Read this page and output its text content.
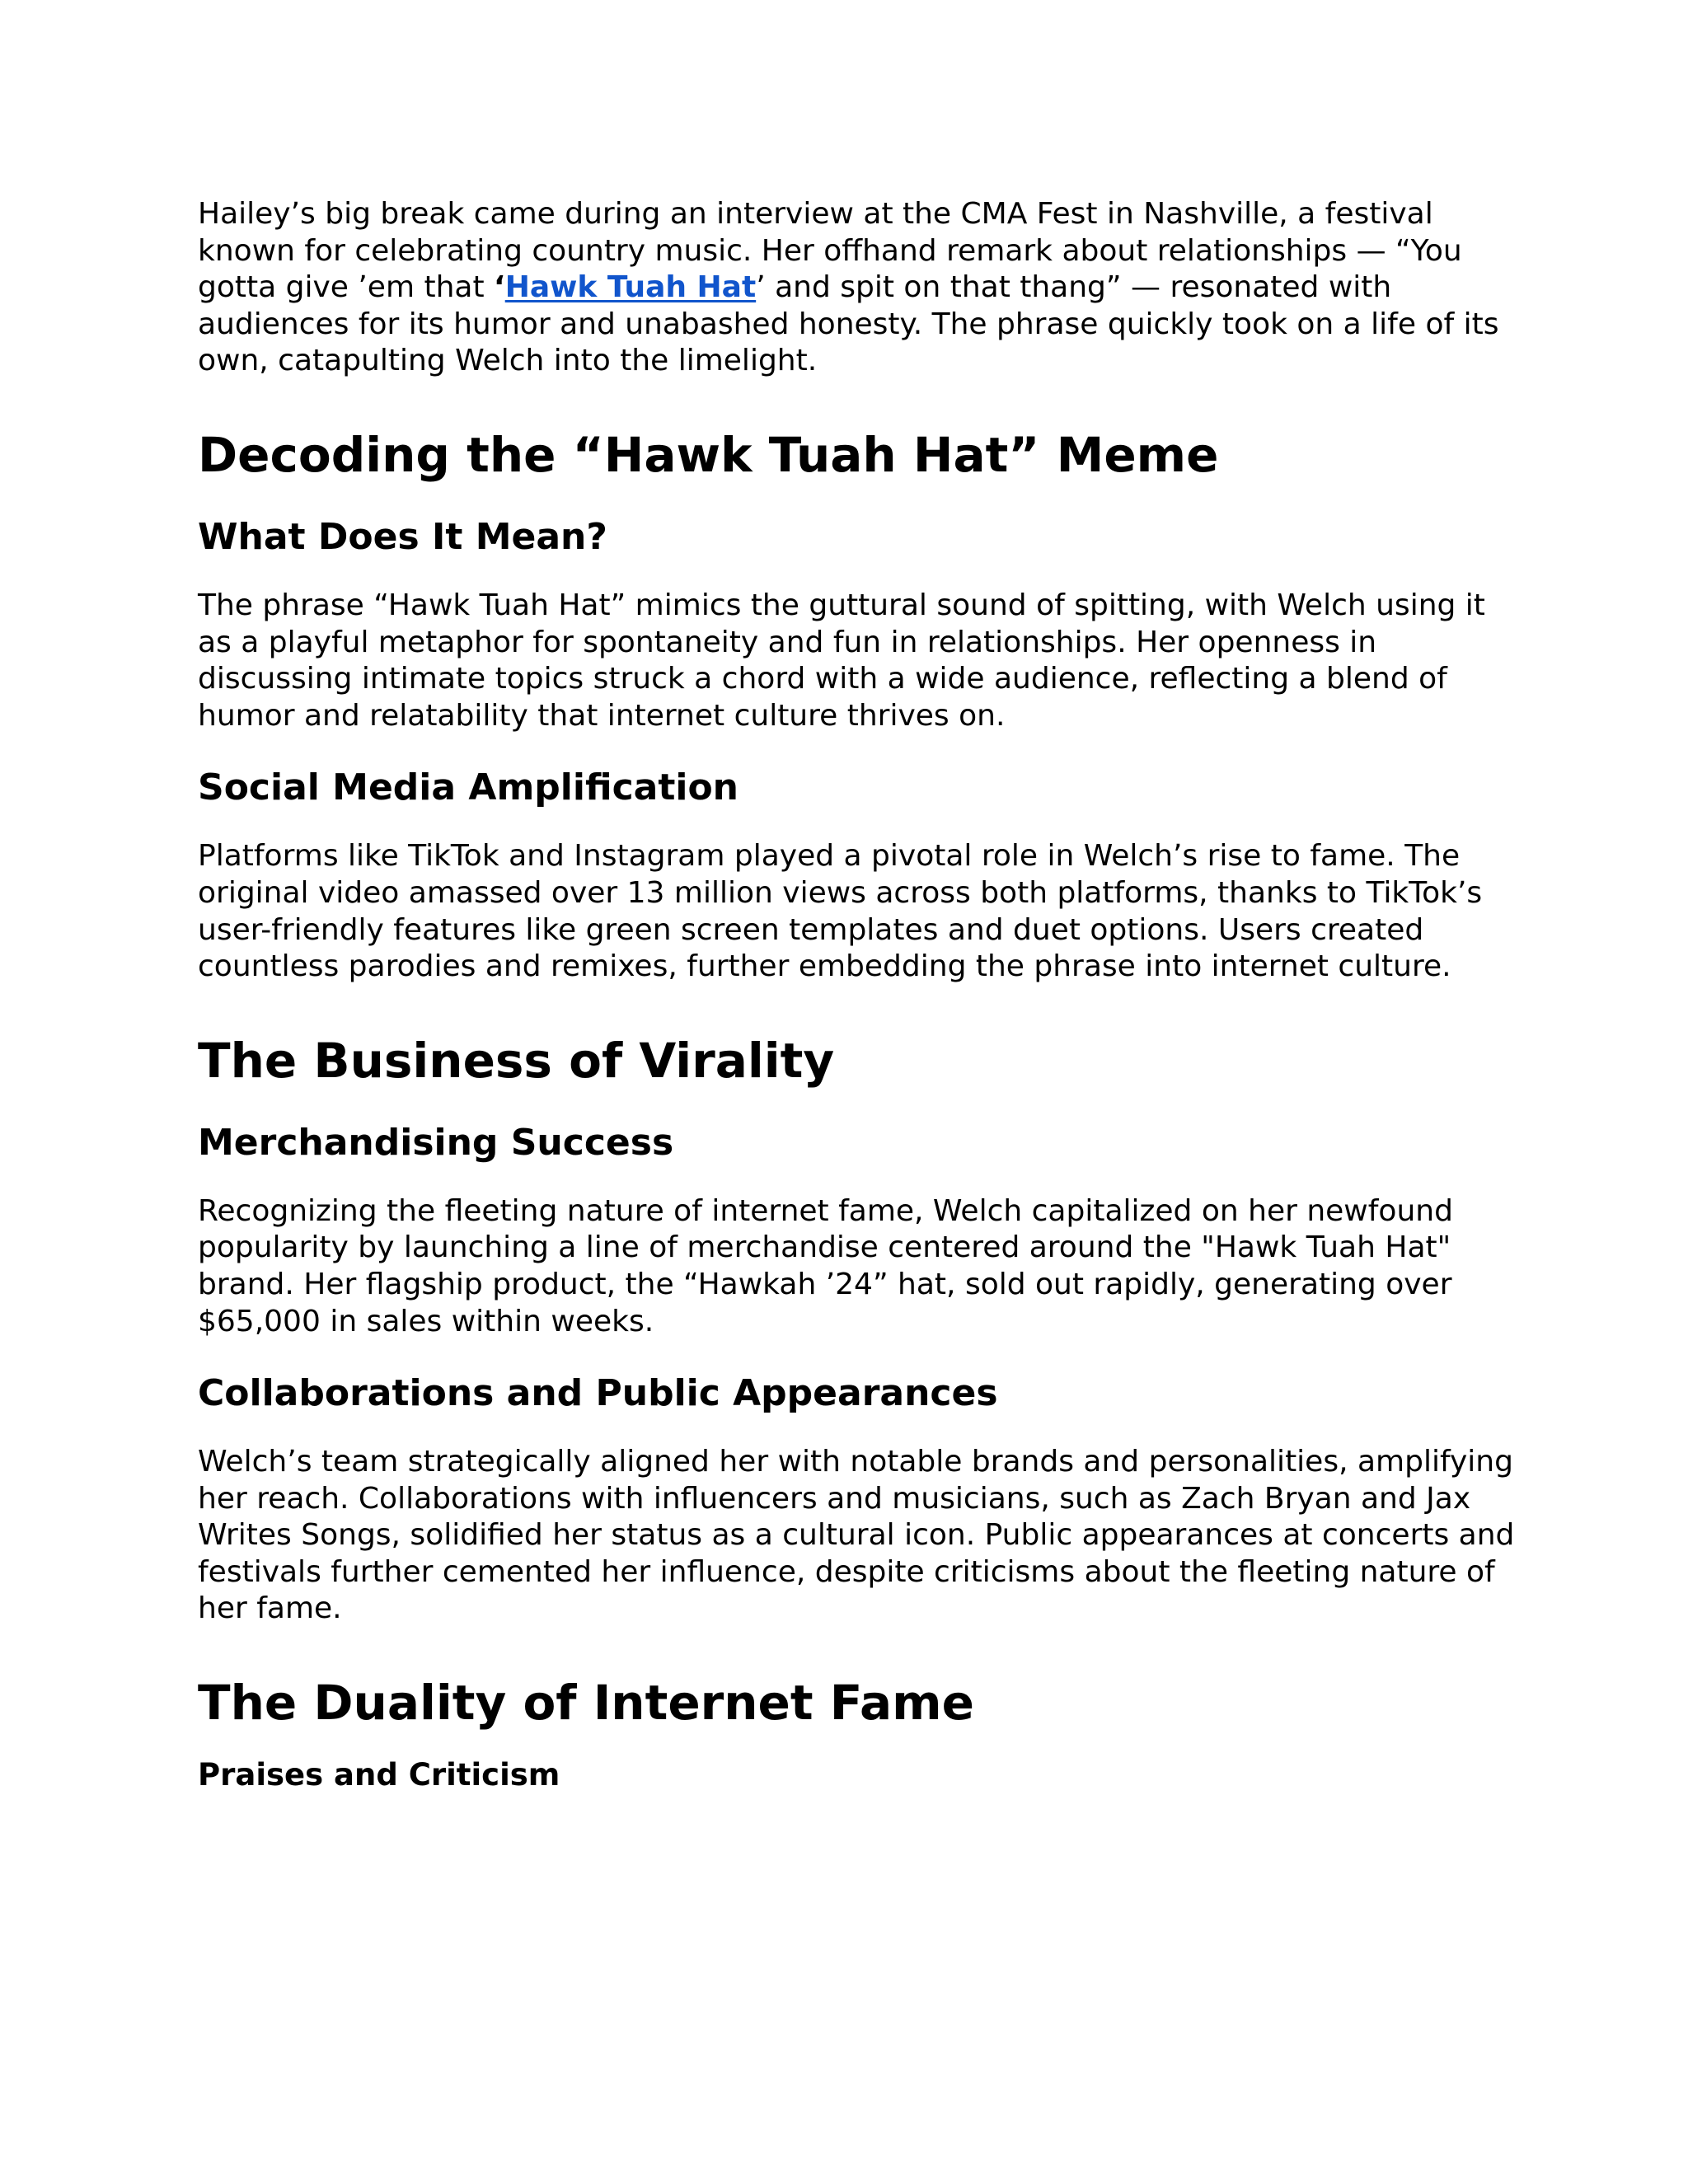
Hailey’s big break came during an interview at the CMA Fest in Nashville, a festival known for celebrating country music. Her offhand remark about relationships — “You gotta give ’em that ‘Hawk Tuah Hat’ and spit on that thang” — resonated with audiences for its humor and unabashed honesty. The phrase quickly took on a life of its own, catapulting Welch into the limelight.

Decoding the “Hawk Tuah Hat” Meme
What Does It Mean?

The phrase “Hawk Tuah Hat” mimics the guttural sound of spitting, with Welch using it as a playful metaphor for spontaneity and fun in relationships. Her openness in discussing intimate topics struck a chord with a wide audience, reflecting a blend of humor and relatability that internet culture thrives on.

Social Media Amplification

Platforms like TikTok and Instagram played a pivotal role in Welch’s rise to fame. The original video amassed over 13 million views across both platforms, thanks to TikTok’s user-friendly features like green screen templates and duet options. Users created countless parodies and remixes, further embedding the phrase into internet culture.

The Business of Virality
Merchandising Success

Recognizing the fleeting nature of internet fame, Welch capitalized on her newfound popularity by launching a line of merchandise centered around the "Hawk Tuah Hat" brand. Her flagship product, the “Hawkah ’24” hat, sold out rapidly, generating over $65,000 in sales within weeks.

Collaborations and Public Appearances

Welch’s team strategically aligned her with notable brands and personalities, amplifying her reach. Collaborations with influencers and musicians, such as Zach Bryan and Jax Writes Songs, solidified her status as a cultural icon. Public appearances at concerts and festivals further cemented her influence, despite criticisms about the fleeting nature of her fame.

The Duality of Internet Fame
Praises and Criticism
